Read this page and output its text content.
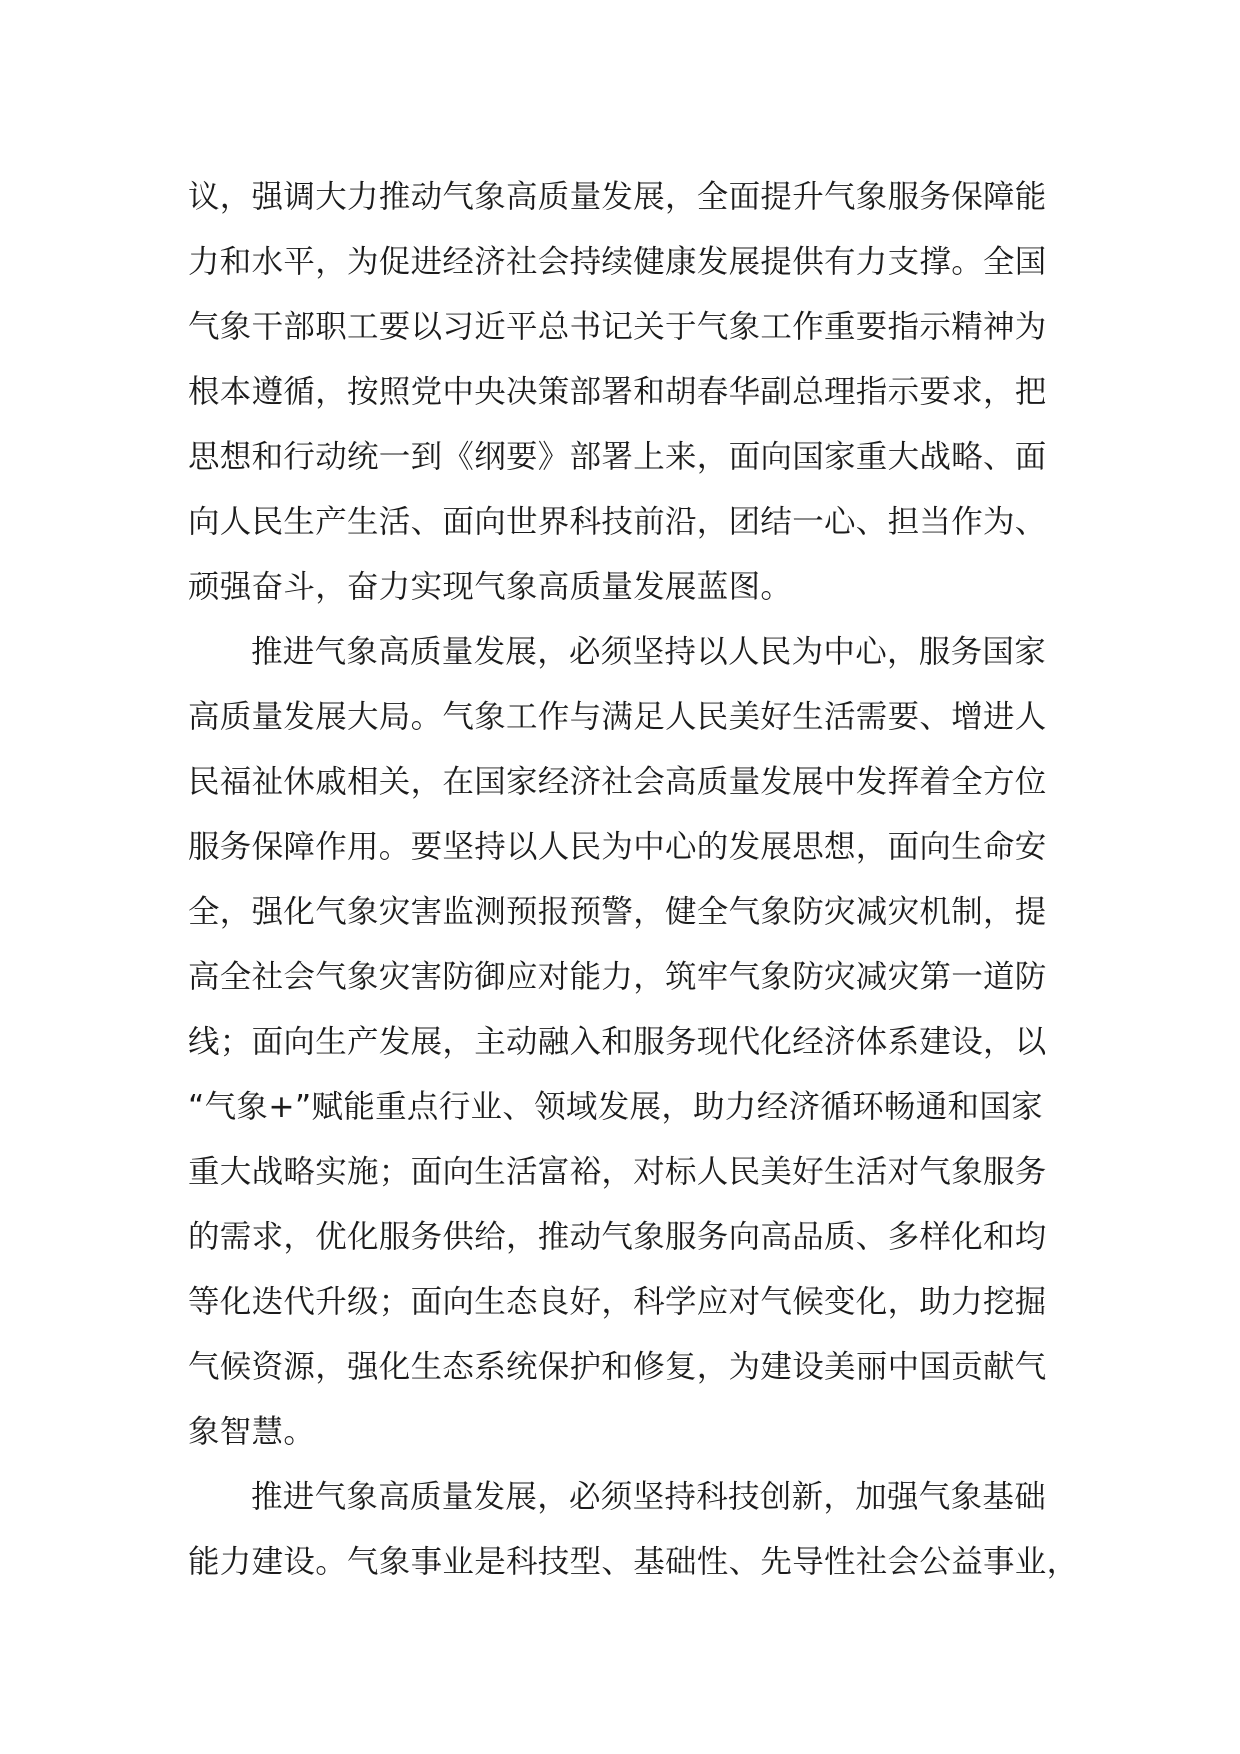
议，强调大力推动气象高质量发展，全面提升气象服务保障能
力和水平，为促进经济社会持续健康发展提供有力支撑。全国
气象干部职工要以习近平总书记关于气象工作重要指示精神为
根本遵循，按照党中央决策部署和胡春华副总理指示要求，把
思想和行动统一到《纲要》部署上来，面向国家重大战略、面
向人民生产生活、面向世界科技前沿，团结一心、担当作为、
顽强奋斗，奋力实现气象高质量发展蓝图。
推进气象高质量发展，必须坚持以人民为中心，服务国家
高质量发展大局。气象工作与满足人民美好生活需要、增进人
民福祉休戚相关，在国家经济社会高质量发展中发挥着全方位
服务保障作用。要坚持以人民为中心的发展思想，面向生命安
全，强化气象灾害监测预报预警，健全气象防灾减灾机制，提
高全社会气象灾害防御应对能力，筑牢气象防灾减灾第一道防
线；面向生产发展，主动融入和服务现代化经济体系建设，以
“气象+”赋能重点行业、领域发展，助力经济循环畅通和国家
重大战略实施；面向生活富裕，对标人民美好生活对气象服务
的需求，优化服务供给，推动气象服务向高品质、多样化和均
等化迭代升级；面向生态良好，科学应对气候变化，助力挖掘
气候资源，强化生态系统保护和修复，为建设美丽中国贡献气
象智慧。
推进气象高质量发展，必须坚持科技创新，加强气象基础
能力建设。气象事业是科技型、基础性、先导性社会公益事业，
